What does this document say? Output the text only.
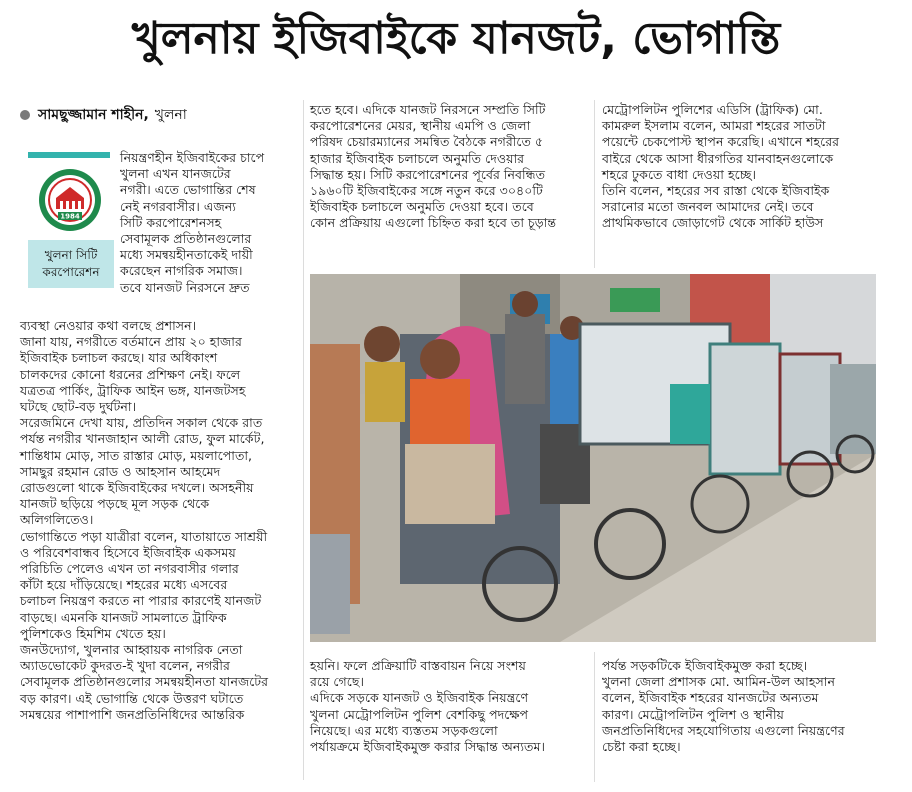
খুলনায় ইজিবাইকে যানজট, ভোগান্তি
সামছুজ্জামান শাহীন, খুলনা
1984
খুলনা সিটি
করপোরেশন

নিয়ন্ত্রণহীন ইজিবাইকের চাপে

খুলনা এখন যানজটের

নগরী। এতে ভোগান্তির শেষ

নেই নগরবাসীর। এজন্য

সিটি করপোরেশনসহ

সেবামূলক প্রতিষ্ঠানগুলোর

মধ্যে সমন্বয়হীনতাকেই দায়ী

করেছেন নাগরিক সমাজ।

তবে যানজট নিরসনে দ্রুত

ব্যবস্থা নেওয়ার কথা বলছে প্রশাসন।

জানা যায়, নগরীতে বর্তমানে প্রায় ২০ হাজার

ইজিবাইক চলাচল করছে। যার অধিকাংশ

চালকদের কোনো ধরনের প্রশিক্ষণ নেই। ফলে

যত্রতত্র পার্কিং, ট্রাফিক আইন ভঙ্গ, যানজটসহ

ঘটছে ছোট-বড় দুর্ঘটনা।

সরেজমিনে দেখা যায়, প্রতিদিন সকাল থেকে রাত

পর্যন্ত নগরীর খানজাহান আলী রোড, ফুল মার্কেট,

শান্তিধাম মোড়, সাত রাস্তার মোড়, ময়লাপোতা,

সামছুর রহমান রোড ও আহসান আহমেদ

রোডগুলো থাকে ইজিবাইকের দখলে। অসহনীয়

যানজট ছড়িয়ে পড়ছে মূল সড়ক থেকে

অলিগলিতেও।

ভোগান্তিতে পড়া যাত্রীরা বলেন, যাতায়াতে সাশ্রয়ী

ও পরিবেশবান্ধব হিসেবে ইজিবাইক একসময়

পরিচিতি পেলেও এখন তা নগরবাসীর গলার

কাঁটা হয়ে দাঁড়িয়েছে। শহরের মধ্যে এসবের

চলাচল নিয়ন্ত্রণ করতে না পারার কারণেই যানজট

বাড়ছে। এমনকি যানজট সামলাতে ট্রাফিক

পুলিশকেও হিমশিম খেতে হয়।

জনউদ্যোগ, খুলনার আহ্বায়ক নাগরিক নেতা

অ্যাডভোকেট কুদরত-ই খুদা বলেন, নগরীর

সেবামূলক প্রতিষ্ঠানগুলোর সমন্বয়হীনতা যানজটের

বড় কারণ। এই ভোগান্তি থেকে উত্তরণ ঘটাতে

সমন্বয়ের পাশাপাশি জনপ্রতিনিধিদের আন্তরিক

হতে হবে। এদিকে যানজট নিরসনে সম্প্রতি সিটি

করপোরেশনের মেয়র, স্থানীয় এমপি ও জেলা

পরিষদ চেয়ারম্যানের সমন্বিত বৈঠকে নগরীতে ৫

হাজার ইজিবাইক চলাচলে অনুমতি দেওয়ার

সিদ্ধান্ত হয়। সিটি করপোরেশনের পূর্বের নিবন্ধিত

১৯৬০টি ইজিবাইকের সঙ্গে নতুন করে ৩০৪০টি

ইজিবাইক চলাচলে অনুমতি দেওয়া হবে। তবে

কোন প্রক্রিয়ায় এগুলো চিহ্নিত করা হবে তা চূড়ান্ত

মেট্রোপলিটন পুলিশের এডিসি (ট্রাফিক) মো.

কামরুল ইসলাম বলেন, আমরা শহরের সাতটা

পয়েন্টে চেকপোস্ট স্থাপন করেছি। এখানে শহরের

বাইরে থেকে আসা ধীরগতির যানবাহনগুলোকে

শহরে ঢুকতে বাধা দেওয়া হচ্ছে।

তিনি বলেন, শহরের সব রাস্তা থেকে ইজিবাইক

সরানোর মতো জনবল আমাদের নেই। তবে

প্রাথমিকভাবে জোড়াগেট থেকে সার্কিট হাউস

হয়নি। ফলে প্রক্রিয়াটি বাস্তবায়ন নিয়ে সংশয়

রয়ে গেছে।

এদিকে সড়কে যানজট ও ইজিবাইক নিয়ন্ত্রণে

খুলনা মেট্রোপলিটন পুলিশ বেশকিছু পদক্ষেপ

নিয়েছে। এর মধ্যে ব্যস্ততম সড়কগুলো

পর্যায়ক্রমে ইজিবাইকমুক্ত করার সিদ্ধান্ত অন্যতম।

পর্যন্ত সড়কটিকে ইজিবাইকমুক্ত করা হচ্ছে।

খুলনা জেলা প্রশাসক মো. আমিন-উল আহসান

বলেন, ইজিবাইক শহরের যানজটের অন্যতম

কারণ। মেট্রোপলিটন পুলিশ ও স্থানীয়

জনপ্রতিনিধিদের সহযোগিতায় এগুলো নিয়ন্ত্রণের

চেষ্টা করা হচ্ছে।
